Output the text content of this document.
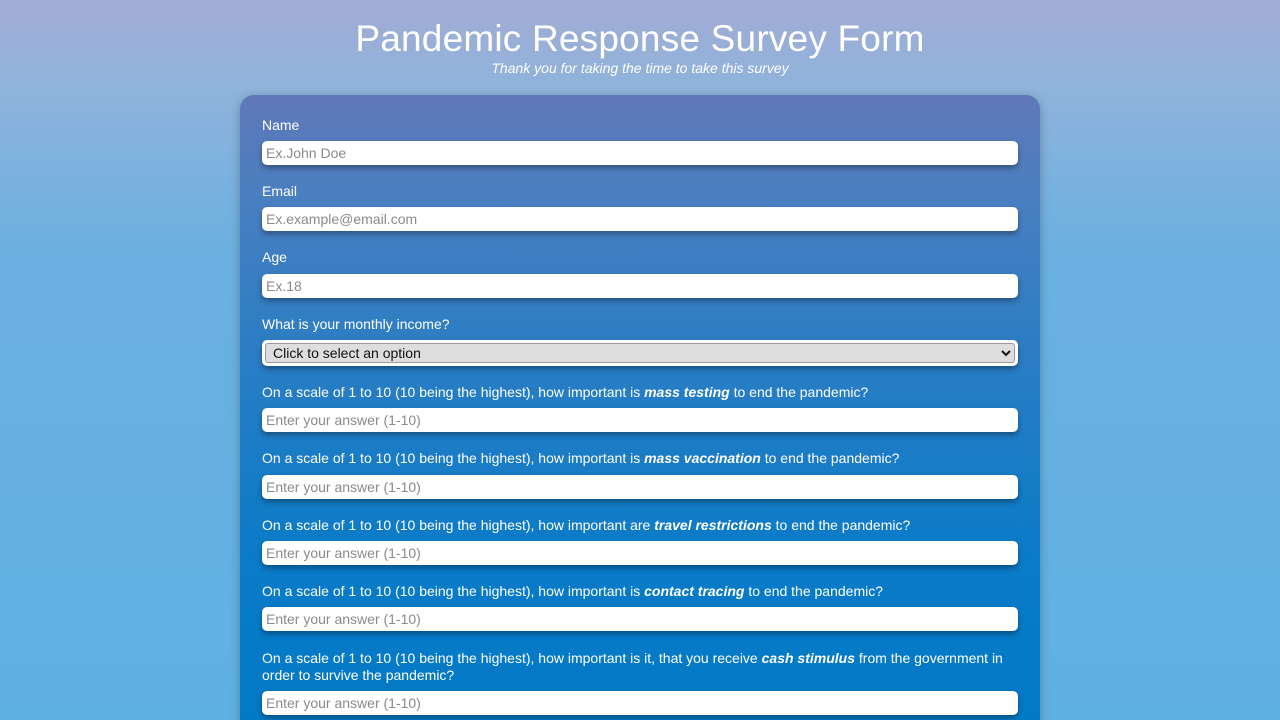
Pandemic Response Survey Form

Thank you for taking the time to take this survey

Name
Ex.John Doe
Email
Ex.example@email.com
Age
Ex.18
What is your monthly income?
Click to select an option
On a scale of 1 to 10 (10 being the highest), how important is mass testing to end the pandemic?
Enter your answer (1-10)
On a scale of 1 to 10 (10 being the highest), how important is mass vaccination to end the pandemic?
Enter your answer (1-10)
On a scale of 1 to 10 (10 being the highest), how important are travel restrictions to end the pandemic?
Enter your answer (1-10)
On a scale of 1 to 10 (10 being the highest), how important is contact tracing to end the pandemic?
Enter your answer (1-10)
On a scale of 1 to 10 (10 being the highest), how important is it, that you receive cash stimulus from the government in order to survive the pandemic?
Enter your answer (1-10)
